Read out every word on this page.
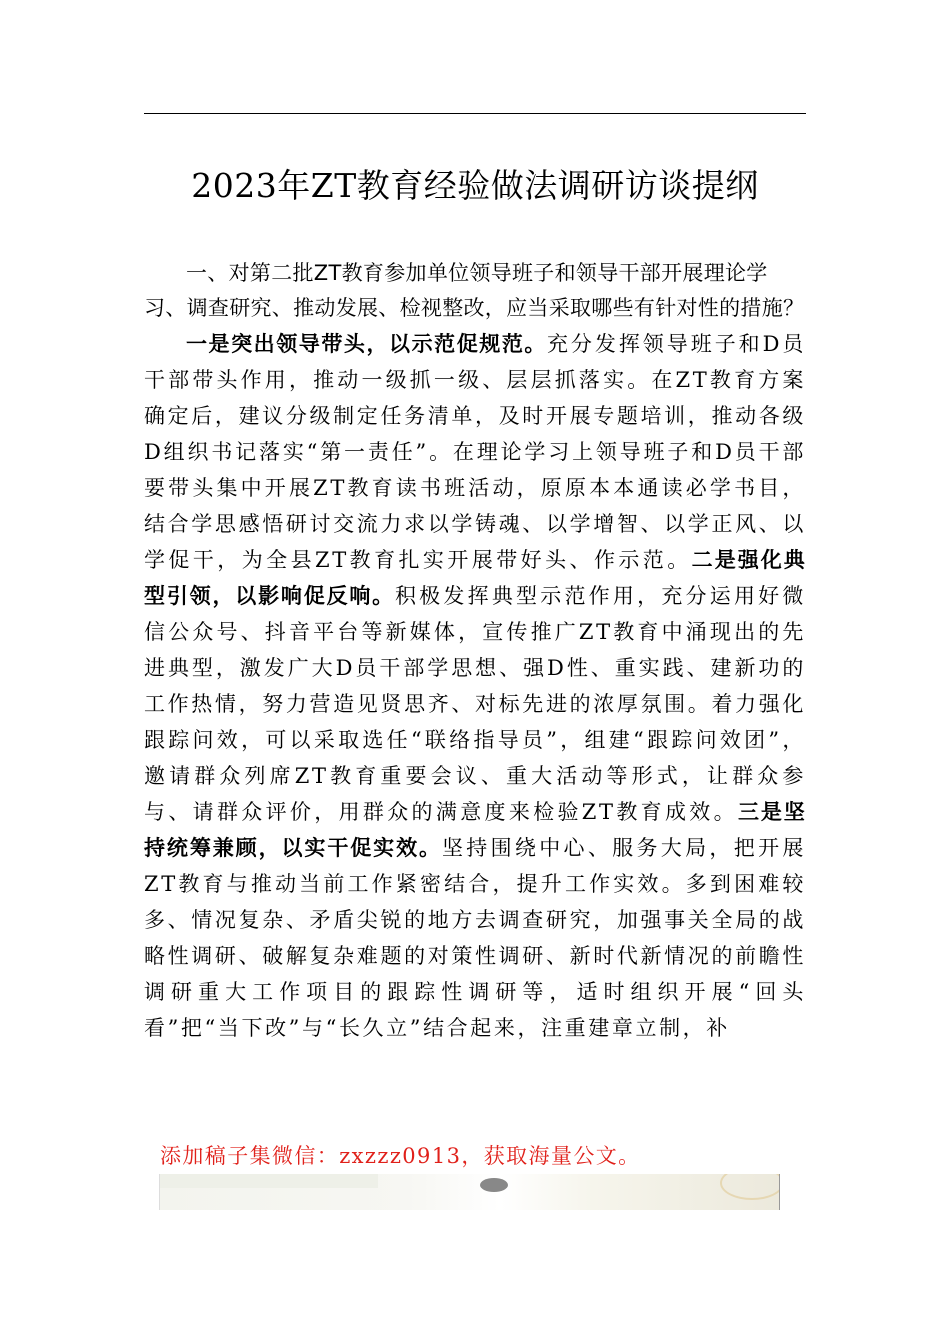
2023年ZT教育经验做法调研访谈提纲

一、对第二批ZT教育参加单位领导班子和领导干部开展理论学习、调查研究、推动发展、检视整改，应当采取哪些有针对性的措施？

一是突出领导带头，以示范促规范。充分发挥领导班子和D员干部带头作用，推动一级抓一级、层层抓落实。在ZT教育方案确定后，建议分级制定任务清单，及时开展专题培训，推动各级D组织书记落实“第一责任”。在理论学习上领导班子和D员干部要带头集中开展ZT教育读书班活动，原原本本通读必学书目，结合学思感悟研讨交流力求以学铸魂、以学增智、以学正风、以学促干，为全县ZT教育扎实开展带好头、作示范。二是强化典型引领，以影响促反响。积极发挥典型示范作用，充分运用好微信公众号、抖音平台等新媒体，宣传推广ZT教育中涌现出的先进典型，激发广大D员干部学思想、强D性、重实践、建新功的工作热情，努力营造见贤思齐、对标先进的浓厚氛围。着力强化跟踪问效，可以采取选任“联络指导员”，组建“跟踪问效团”，邀请群众列席ZT教育重要会议、重大活动等形式，让群众参与、请群众评价，用群众的满意度来检验ZT教育成效。三是坚持统筹兼顾，以实干促实效。坚持围绕中心、服务大局，把开展ZT教育与推动当前工作紧密结合，提升工作实效。多到困难较多、情况复杂、矛盾尖锐的地方去调查研究，加强事关全局的战略性调研、破解复杂难题的对策性调研、新时代新情况的前瞻性调研重大工作项目的跟踪性调研等，适时组织开展“回头看”把“当下改”与“长久立”结合起来，注重建章立制，补

添加稿子集微信：zxzzz0913，获取海量公文。
